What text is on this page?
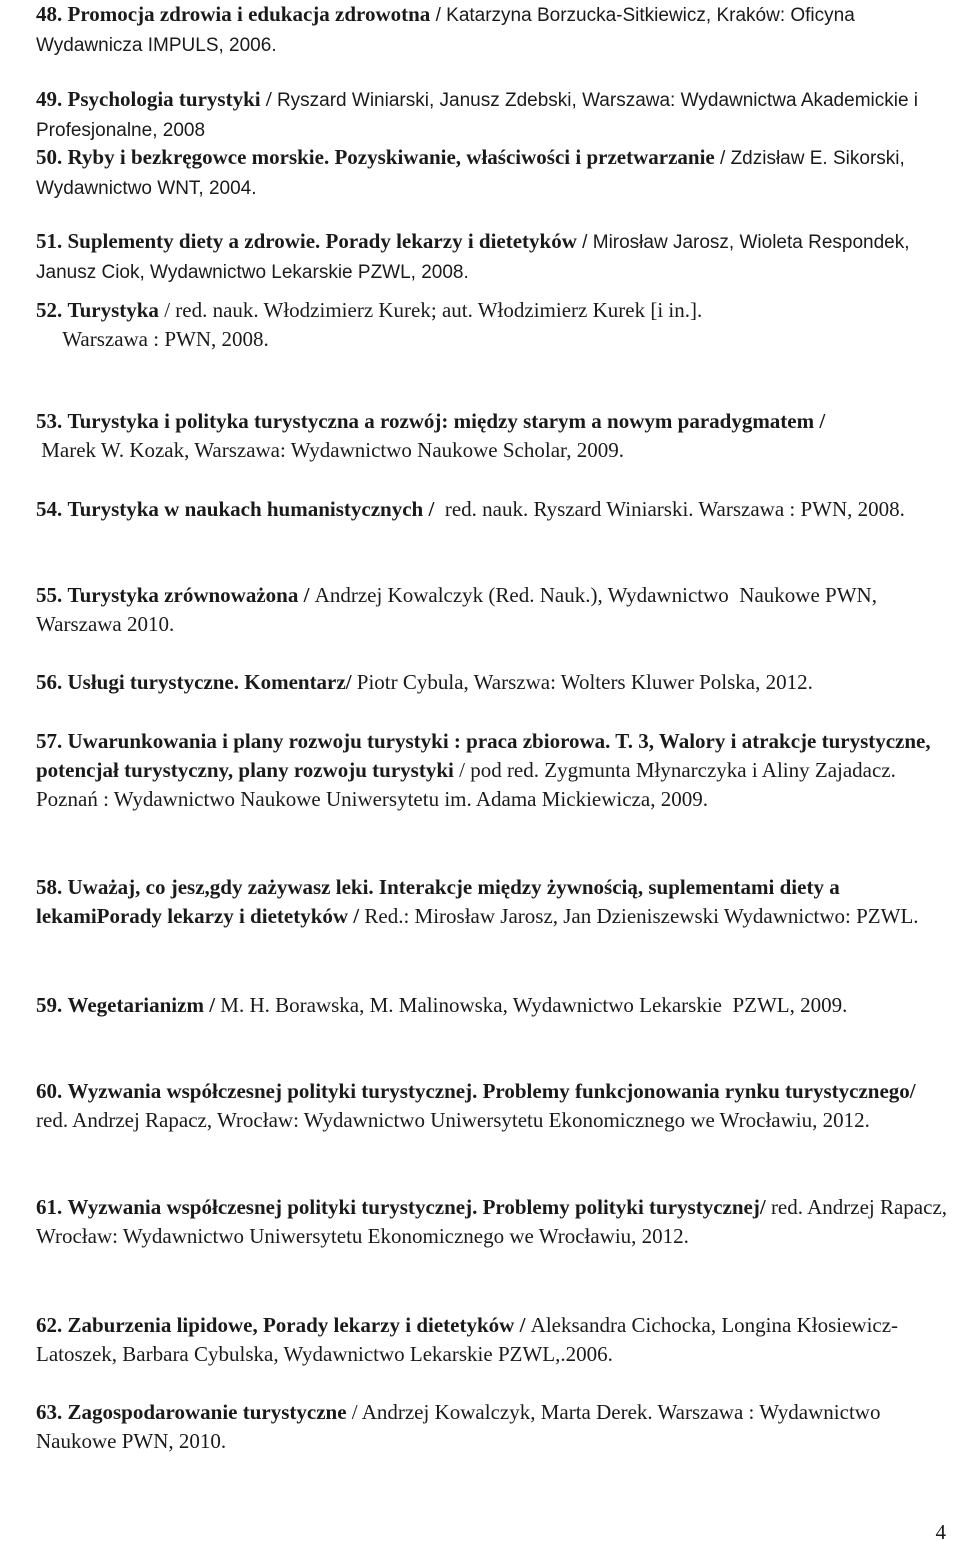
48. Promocja zdrowia i edukacja zdrowotna / Katarzyna Borzucka-Sitkiewicz, Kraków: Oficyna  Wydawnicza IMPULS, 2006.
49. Psychologia turystyki / Ryszard Winiarski, Janusz Zdebski, Warszawa: Wydawnictwa Akademickie i Profesjonalne, 2008
50. Ryby i bezkręgowce morskie. Pozyskiwanie, właściwości i przetwarzanie / Zdzisław E. Sikorski, Wydawnictwo WNT, 2004.
51. Suplementy diety a zdrowie. Porady lekarzy i dietetyków / Mirosław Jarosz, Wioleta Respondek, Janusz Ciok, Wydawnictwo Lekarskie PZWL, 2008.
52. Turystyka / red. nauk. Włodzimierz Kurek; aut. Włodzimierz Kurek [i in.].
Warszawa : PWN, 2008.
53. Turystyka i polityka turystyczna a rozwój: między starym a nowym paradygmatem /
Marek W. Kozak, Warszawa: Wydawnictwo Naukowe Scholar, 2009.
54. Turystyka w naukach humanistycznych /  red. nauk. Ryszard Winiarski. Warszawa : PWN, 2008.
55. Turystyka zrównoważona / Andrzej Kowalczyk (Red. Nauk.), Wydawnictwo  Naukowe PWN, Warszawa 2010.
56. Usługi turystyczne. Komentarz/ Piotr Cybula, Warszwa: Wolters Kluwer Polska, 2012.
57. Uwarunkowania i plany rozwoju turystyki : praca zbiorowa. T. 3, Walory i atrakcje turystyczne, potencjał turystyczny, plany rozwoju turystyki / pod red. Zygmunta Młynarczyka i Aliny Zajadacz. Poznań : Wydawnictwo Naukowe Uniwersytetu im. Adama Mickiewicza, 2009.
58. Uważaj, co jesz,gdy zażywasz leki. Interakcje między żywnością, suplementami diety a lekamiPorady lekarzy i dietetyków / Red.: Mirosław Jarosz, Jan Dzieniszewski Wydawnictwo: PZWL.
59. Wegetarianizm / M. H. Borawska, M. Malinowska, Wydawnictwo Lekarskie  PZWL, 2009.
60. Wyzwania współczesnej polityki turystycznej. Problemy funkcjonowania rynku turystycznego/ red. Andrzej Rapacz, Wrocław: Wydawnictwo Uniwersytetu Ekonomicznego we Wrocławiu, 2012.
61. Wyzwania współczesnej polityki turystycznej. Problemy polityki turystycznej/ red. Andrzej Rapacz, Wrocław: Wydawnictwo Uniwersytetu Ekonomicznego we Wrocławiu, 2012.
62. Zaburzenia lipidowe, Porady lekarzy i dietetyków / Aleksandra Cichocka, Longina Kłosiewicz-Latoszek, Barbara Cybulska, Wydawnictwo Lekarskie PZWL,.2006.
63. Zagospodarowanie turystyczne / Andrzej Kowalczyk, Marta Derek. Warszawa : Wydawnictwo Naukowe PWN, 2010.
4
